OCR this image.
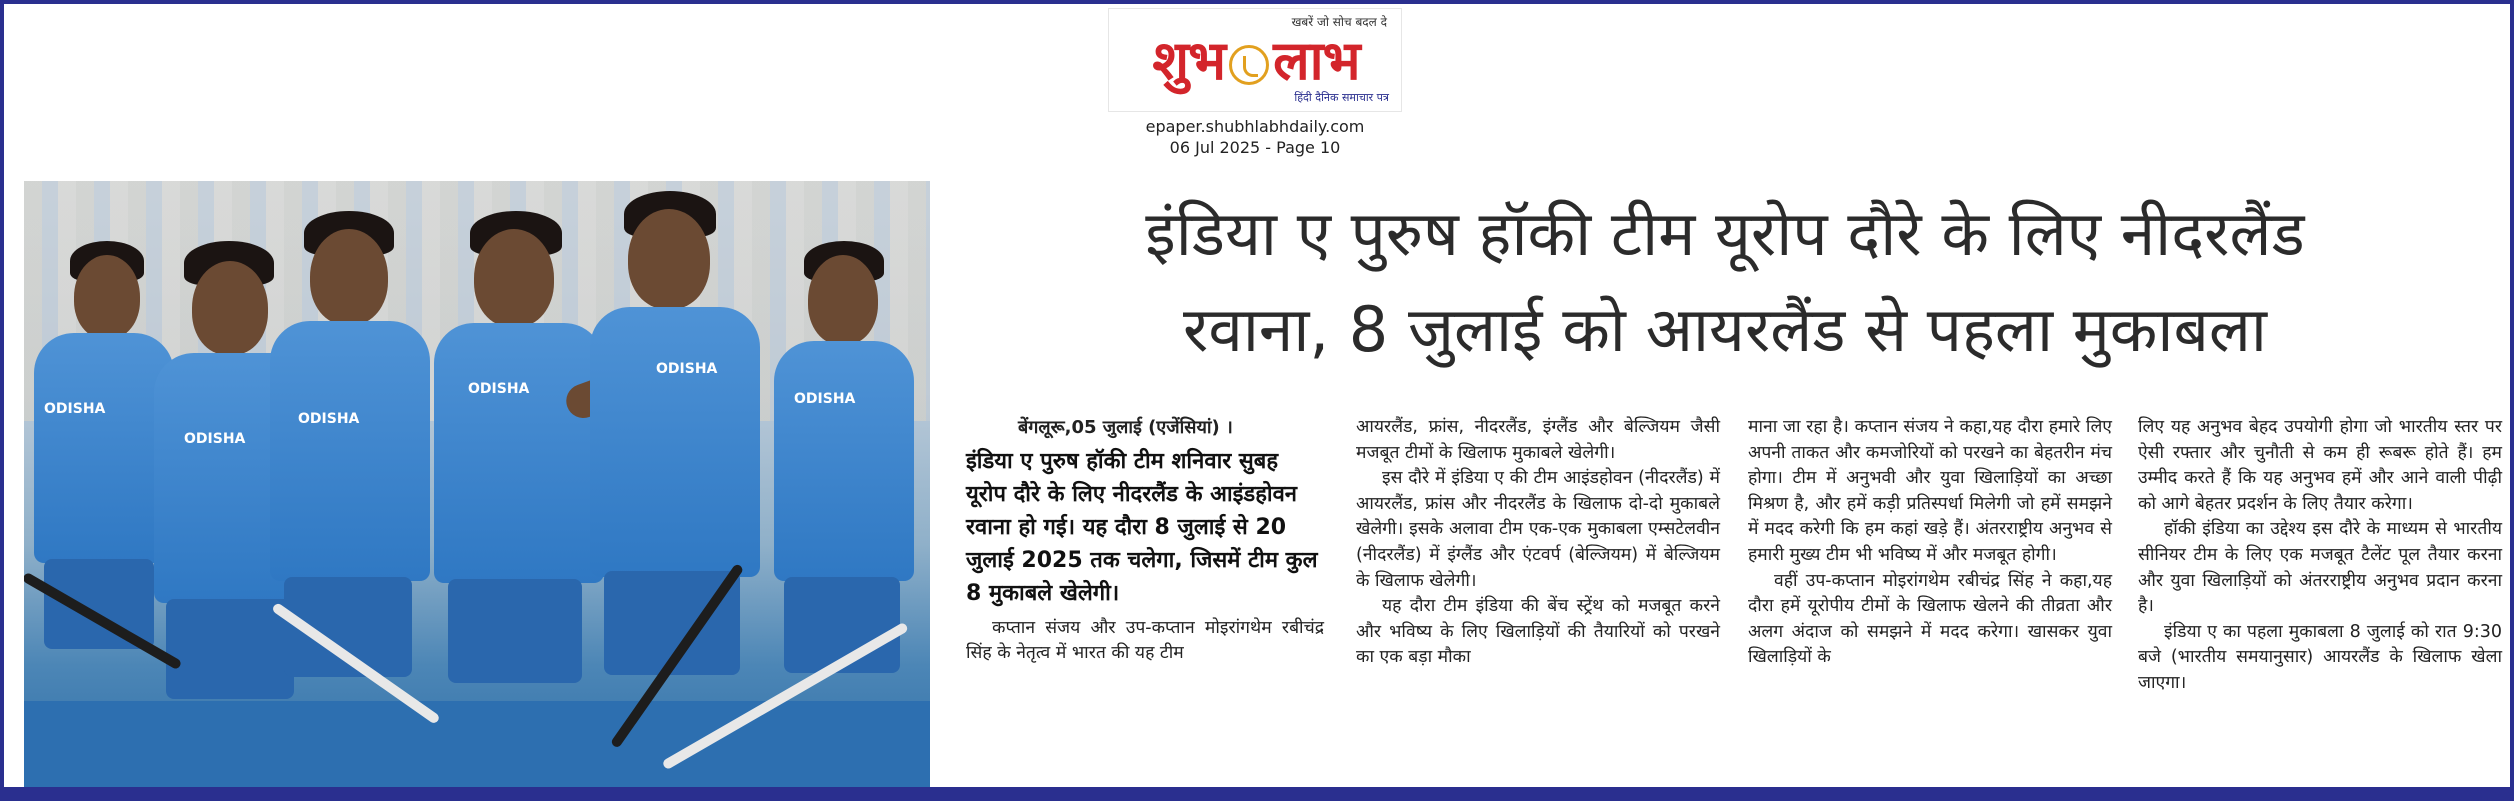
खबरें जो सोच बदल दे
शुभ लाभ
हिंदी दैनिक समाचार पत्र
epaper.shubhlabhdaily.com
06 Jul 2025 - Page 10
ODISHA
ODISHA
ODISHA
ODISHA
ODISHA
ODISHA
इंडिया ए पुरुष हॉकी टीम यूरोप दौरे के लिए नीदरलैंड
रवाना, 8 जुलाई को आयरलैंड से पहला मुकाबला
बेंगलूरू,05 जुलाई (एजेंसियां) ।
इंडिया ए पुरुष हॉकी टीम शनिवार सुबह यूरोप दौरे के लिए नीदरलैंड के आइंडहोवन रवाना हो गई। यह दौरा 8 जुलाई से 20 जुलाई 2025 तक चलेगा, जिसमें टीम कुल 8 मुकाबले खेलेगी।

कप्तान संजय और उप-कप्तान मोइरांगथेम रबीचंद्र सिंह के नेतृत्व में भारत की यह टीम

आयरलैंड, फ्रांस, नीदरलैंड, इंग्लैंड और बेल्जियम जैसी मजबूत टीमों के खिलाफ मुकाबले खेलेगी।

इस दौरे में इंडिया ए की टीम आइंडहोवन (नीदरलैंड) में आयरलैंड, फ्रांस और नीदरलैंड के खिलाफ दो-दो मुकाबले खेलेगी। इसके अलावा टीम एक-एक मुकाबला एम्सटेलवीन (नीदरलैंड) में इंग्लैंड और एंटवर्प (बेल्जियम) में बेल्जियम के खिलाफ खेलेगी।

यह दौरा टीम इंडिया की बेंच स्ट्रेंथ को मजबूत करने और भविष्य के लिए खिलाड़ियों की तैयारियों को परखने का एक बड़ा मौका

माना जा रहा है। कप्तान संजय ने कहा,यह दौरा हमारे लिए अपनी ताकत और कमजोरियों को परखने का बेहतरीन मंच होगा। टीम में अनुभवी और युवा खिलाड़ियों का अच्छा मिश्रण है, और हमें कड़ी प्रतिस्पर्धा मिलेगी जो हमें समझने में मदद करेगी कि हम कहां खड़े हैं। अंतरराष्ट्रीय अनुभव से हमारी मुख्य टीम भी भविष्य में और मजबूत होगी।

वहीं उप-कप्तान मोइरांगथेम रबीचंद्र सिंह ने कहा,यह दौरा हमें यूरोपीय टीमों के खिलाफ खेलने की तीव्रता और अलग अंदाज को समझने में मदद करेगा। खासकर युवा खिलाड़ियों के

लिए यह अनुभव बेहद उपयोगी होगा जो भारतीय स्तर पर ऐसी रफ्तार और चुनौती से कम ही रूबरू होते हैं। हम उम्मीद करते हैं कि यह अनुभव हमें और आने वाली पीढ़ी को आगे बेहतर प्रदर्शन के लिए तैयार करेगा।

हॉकी इंडिया का उद्देश्य इस दौरे के माध्यम से भारतीय सीनियर टीम के लिए एक मजबूत टैलेंट पूल तैयार करना और युवा खिलाड़ियों को अंतरराष्ट्रीय अनुभव प्रदान करना है।

इंडिया ए का पहला मुकाबला 8 जुलाई को रात 9:30 बजे (भारतीय समयानुसार) आयरलैंड के खिलाफ खेला जाएगा।
